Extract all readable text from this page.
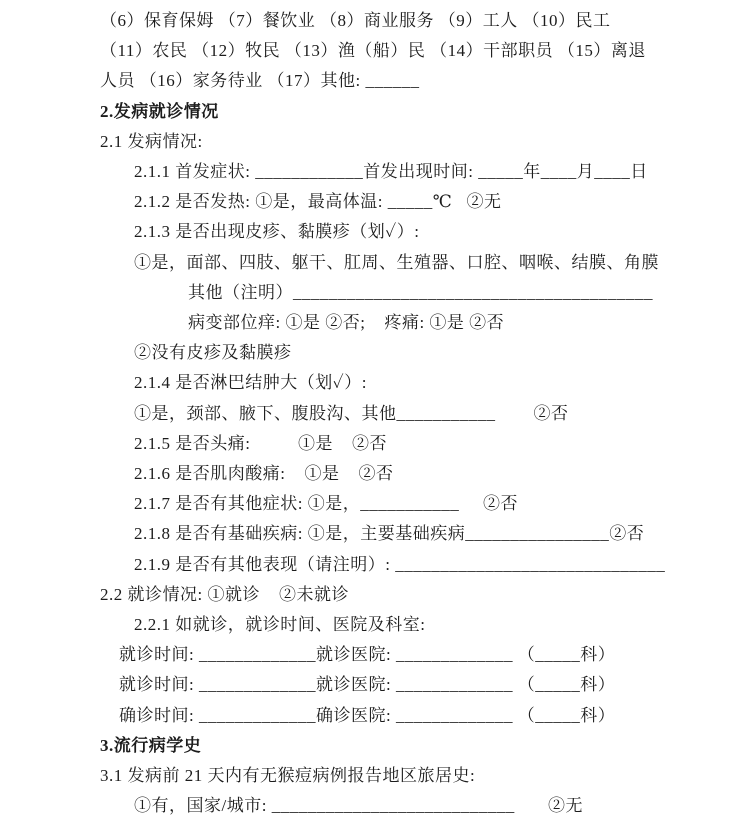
（6）保育保姆 （7）餐饮业 （8）商业服务 （9）工人 （10）民工

（11）农民 （12）牧民 （13）渔（船）民 （14）干部职员 （15）离退

人员 （16）家务待业 （17）其他: ______

2.发病就诊情况

2.1 发病情况:

2.1.1 首发症状: ____________首发出现时间: _____年____月____日

2.1.2 是否发热: ①是，最高体温: _____℃   ②无

2.1.3 是否出现皮疹、黏膜疹（划✓）:

①是，面部、四肢、躯干、肛周、生殖器、口腔、咽喉、结膜、角膜

其他（注明）________________________________________

病变部位痒: ①是 ②否;    疼痛: ①是 ②否

②没有皮疹及黏膜疹

2.1.4 是否淋巴结肿大（划✓）:

①是，颈部、腋下、腹股沟、其他___________        ②否

2.1.5 是否头痛:          ①是    ②否

2.1.6 是否肌肉酸痛:    ①是    ②否

2.1.7 是否有其他症状: ①是，___________     ②否

2.1.8 是否有基础疾病: ①是，主要基础疾病________________②否

2.1.9 是否有其他表现（请注明）: ______________________________

2.2 就诊情况: ①就诊    ②未就诊

2.2.1 如就诊，就诊时间、医院及科室:

就诊时间: _____________就诊医院: _____________ （_____科）

就诊时间: _____________就诊医院: _____________ （_____科）

确诊时间: _____________确诊医院: _____________ （_____科）

3.流行病学史

3.1 发病前 21 天内有无猴痘病例报告地区旅居史:

①有，国家/城市: ___________________________       ②无
